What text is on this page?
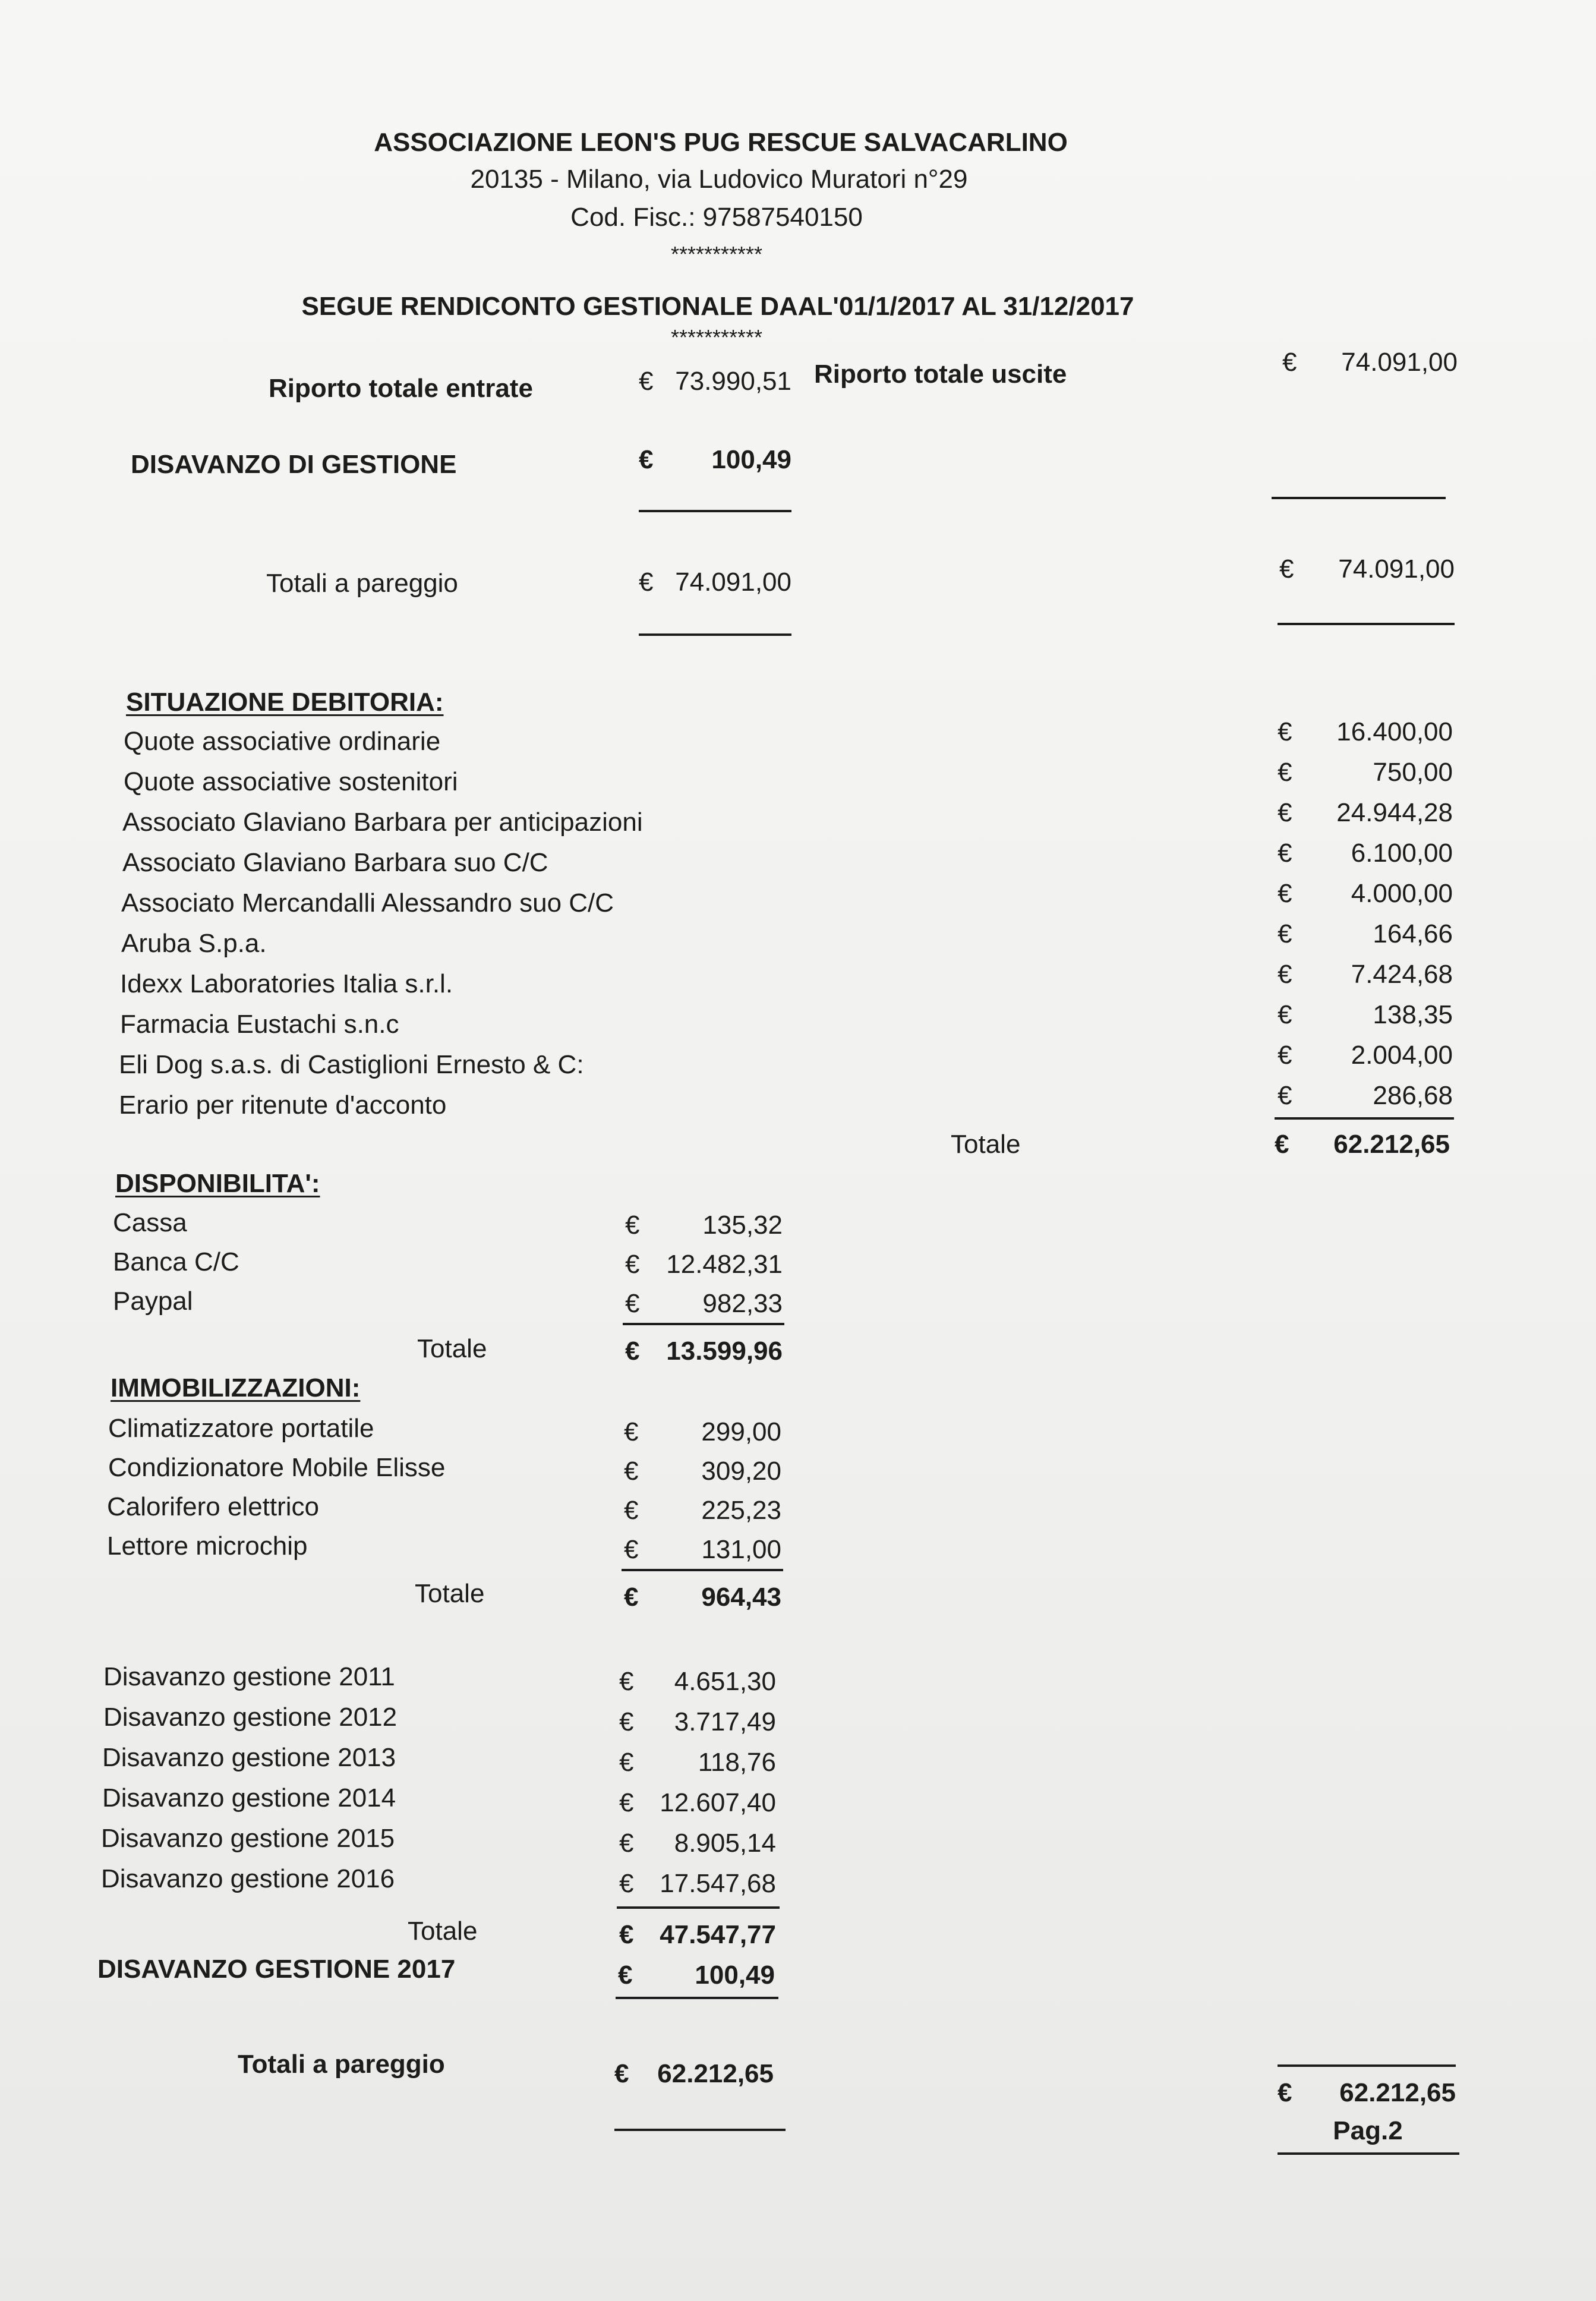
ASSOCIAZIONE LEON'S PUG RESCUE SALVACARLINO
20135 - Milano, via Ludovico Muratori n°29
Cod. Fisc.: 97587540150
***********
SEGUE RENDICONTO GESTIONALE DAAL'01/1/2017 AL 31/12/2017
***********
Riporto totale entrate	€ 73.990,51 Riporto totale uscite	€	74.091,00
DISAVANZO DI GESTIONE	€	100,49
Totali a pareggio	€ 74.091,00	€	74.091,00
SITUAZIONE DEBITORIA:
Quote associative ordinarie	€	16.400,00
Quote associative sostenitori	€	750,00
Associato Glaviano Barbara per anticipazioni	€	24.944,28
Associato Glaviano Barbara suo C/C	€	6.100,00
Associato Mercandalli Alessandro suo C/C	€	4.000,00
Aruba S.p.a.	€	164,66
Idexx Laboratories Italia s.r.l.	€	7.424,68
Farmacia Eustachi s.n.c	€	138,35
Eli Dog s.a.s. di Castiglioni Ernesto & C:	€	2.004,00
Erario per ritenute d'acconto	€	286,68
Totale	€	62.212,65
DISPONIBILITA':
Cassa	€	135,32
Banca C/C	€	12.482,31
Paypal	€	982,33
Totale	€	13.599,96
IMMOBILIZZAZIONI:
Climatizzatore portatile	€	299,00
Condizionatore Mobile Elisse	€	309,20
Calorifero elettrico	€	225,23
Lettore microchip	€	131,00
Totale	€	964,43
Disavanzo gestione 2011	€	4.651,30
Disavanzo gestione 2012	€	3.717,49
Disavanzo gestione 2013	€	118,76
Disavanzo gestione 2014	€ 12.607,40
Disavanzo gestione 2015	€	8.905,14
Disavanzo gestione 2016	€ 17.547,68
Totale	€ 47.547,77
DISAVANZO GESTIONE 2017	€	100,49
Totali a pareggio	€	62.212,65
€	62.212,65
Pag.2
